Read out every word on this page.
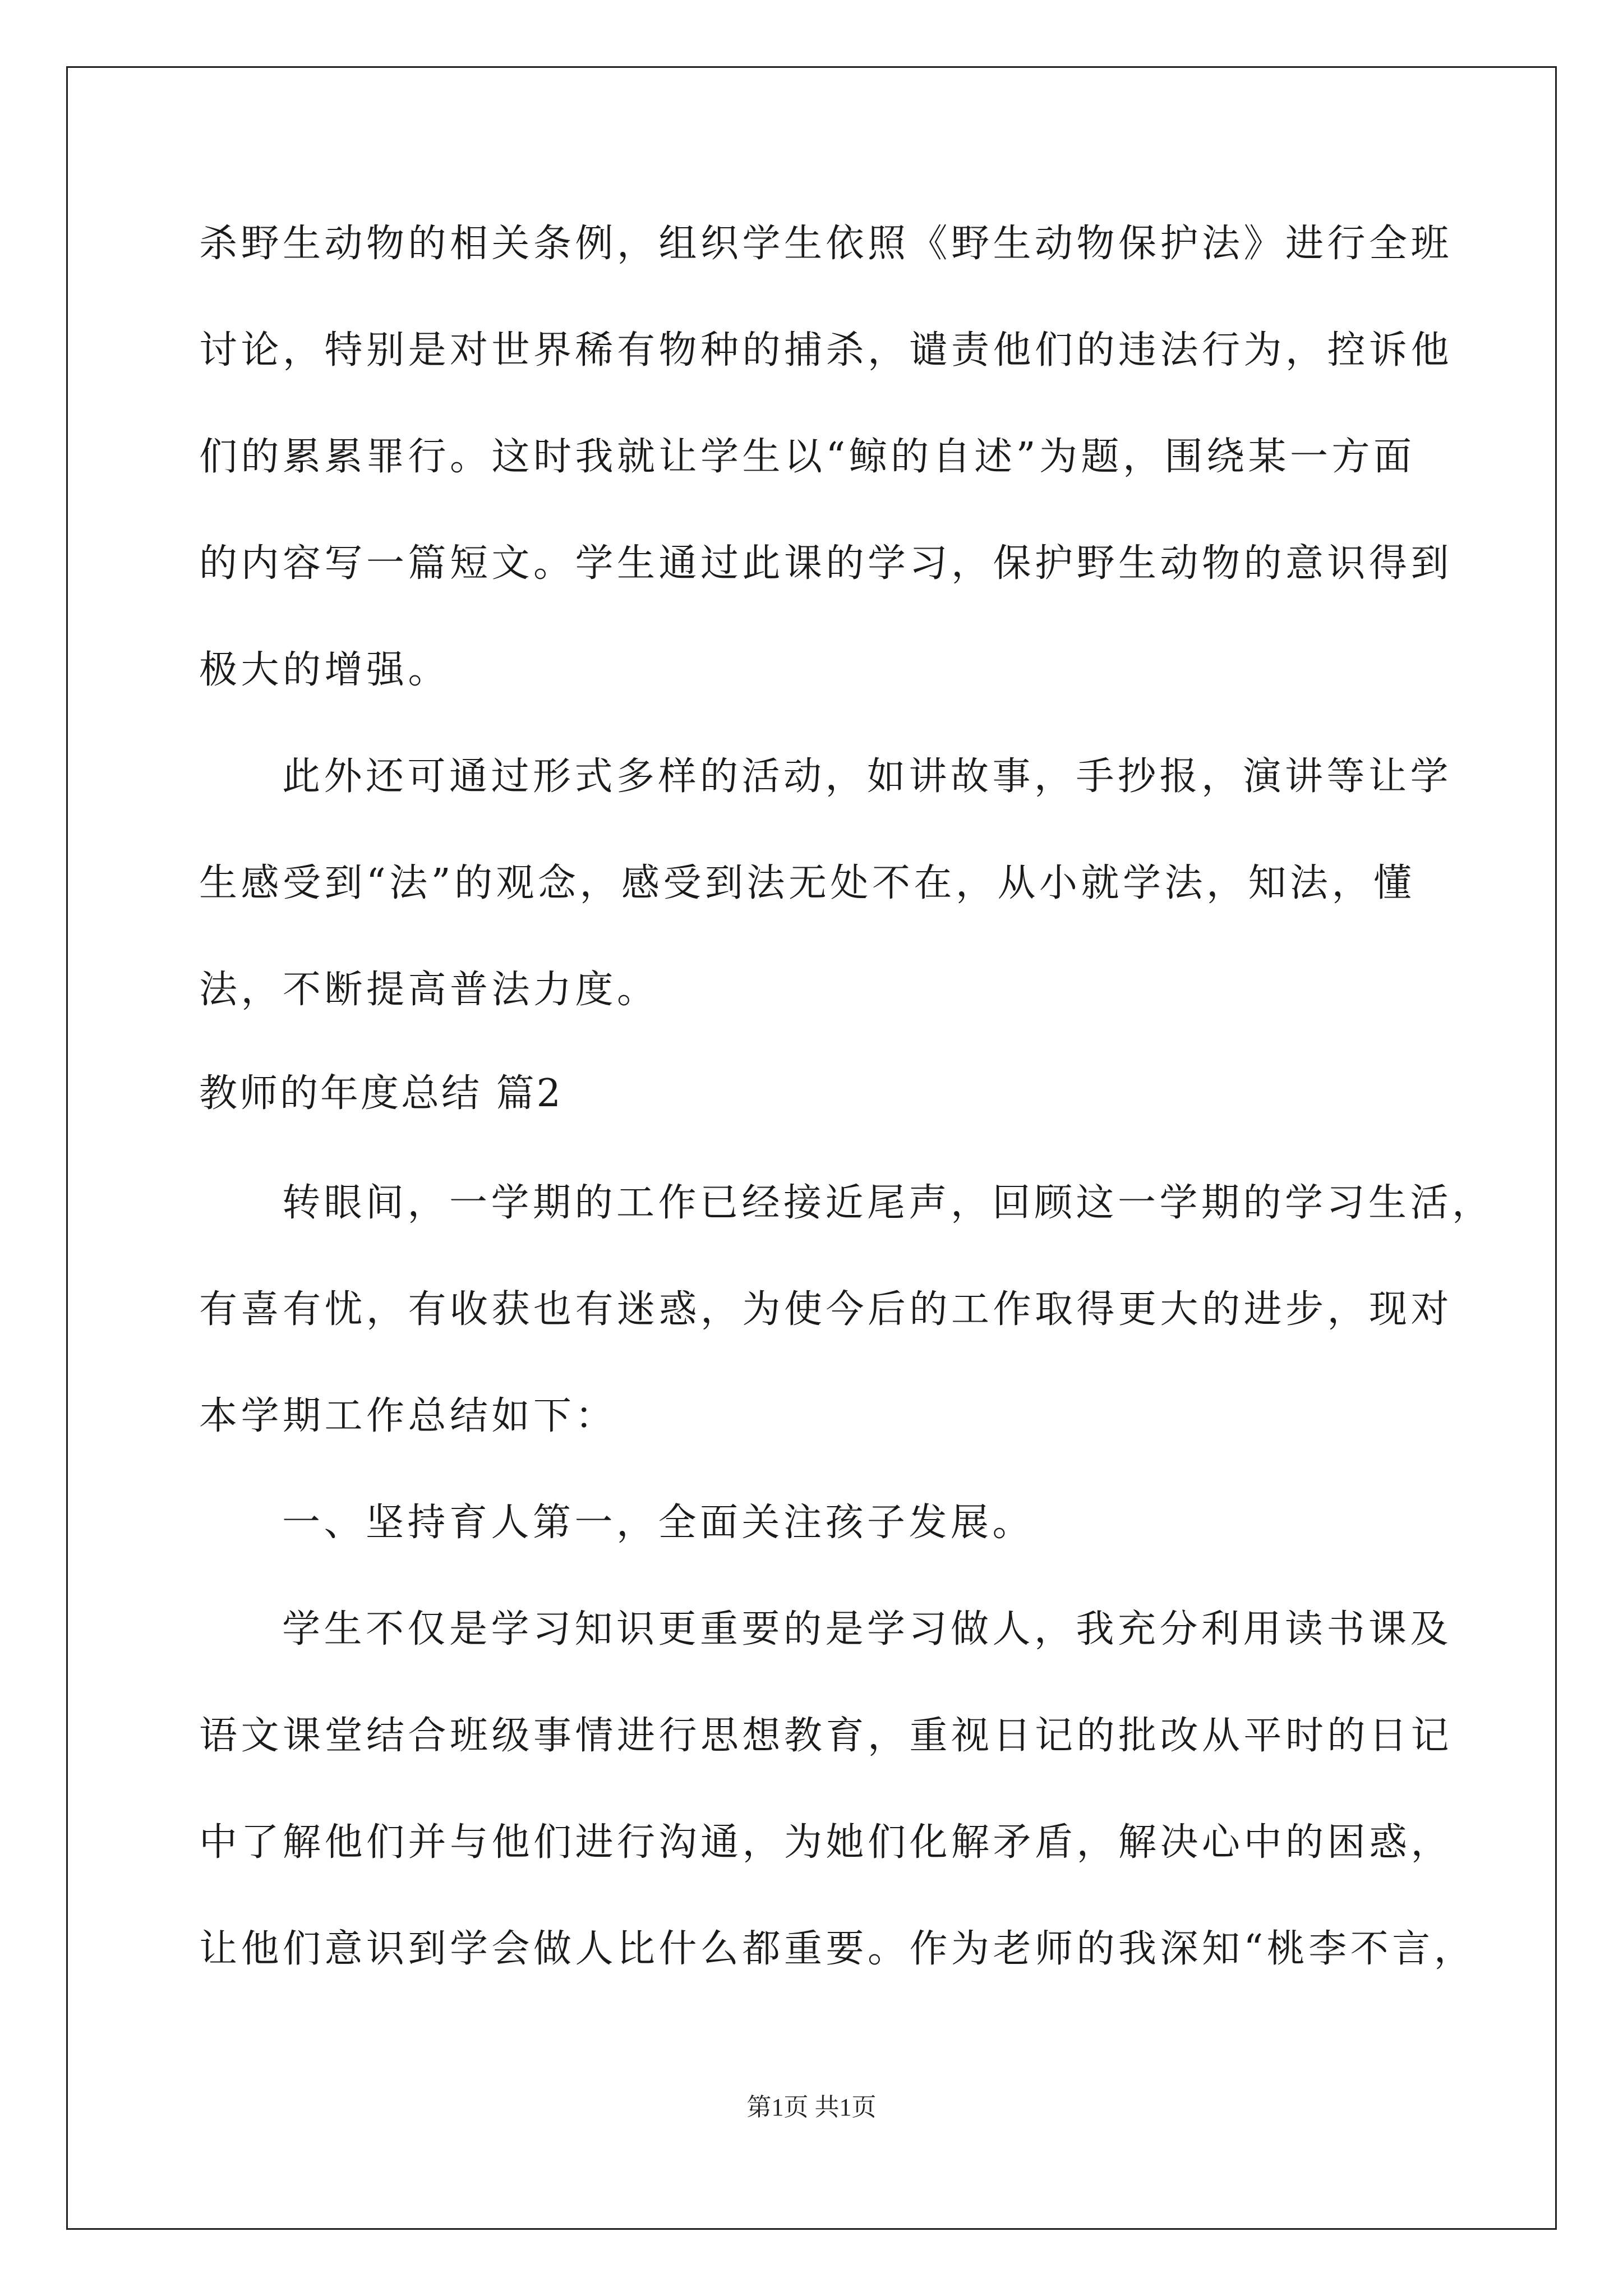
杀野生动物的相关条例，组织学生依照《野生动物保护法》进行全班
讨论，特别是对世界稀有物种的捕杀，谴责他们的违法行为，控诉他
们的累累罪行。这时我就让学生以“鲸的自述”为题，围绕某一方面
的内容写一篇短文。学生通过此课的学习，保护野生动物的意识得到
极大的增强。
此外还可通过形式多样的活动，如讲故事，手抄报，演讲等让学
生感受到“法”的观念，感受到法无处不在，从小就学法，知法，懂
法，不断提高普法力度。
教师的年度总结 篇2
转眼间，一学期的工作已经接近尾声，回顾这一学期的学习生活，
有喜有忧，有收获也有迷惑，为使今后的工作取得更大的进步，现对
本学期工作总结如下：
一、坚持育人第一，全面关注孩子发展。
学生不仅是学习知识更重要的是学习做人，我充分利用读书课及
语文课堂结合班级事情进行思想教育，重视日记的批改从平时的日记
中了解他们并与他们进行沟通，为她们化解矛盾，解决心中的困惑，
让他们意识到学会做人比什么都重要。作为老师的我深知“桃李不言，
第1页 共1页
